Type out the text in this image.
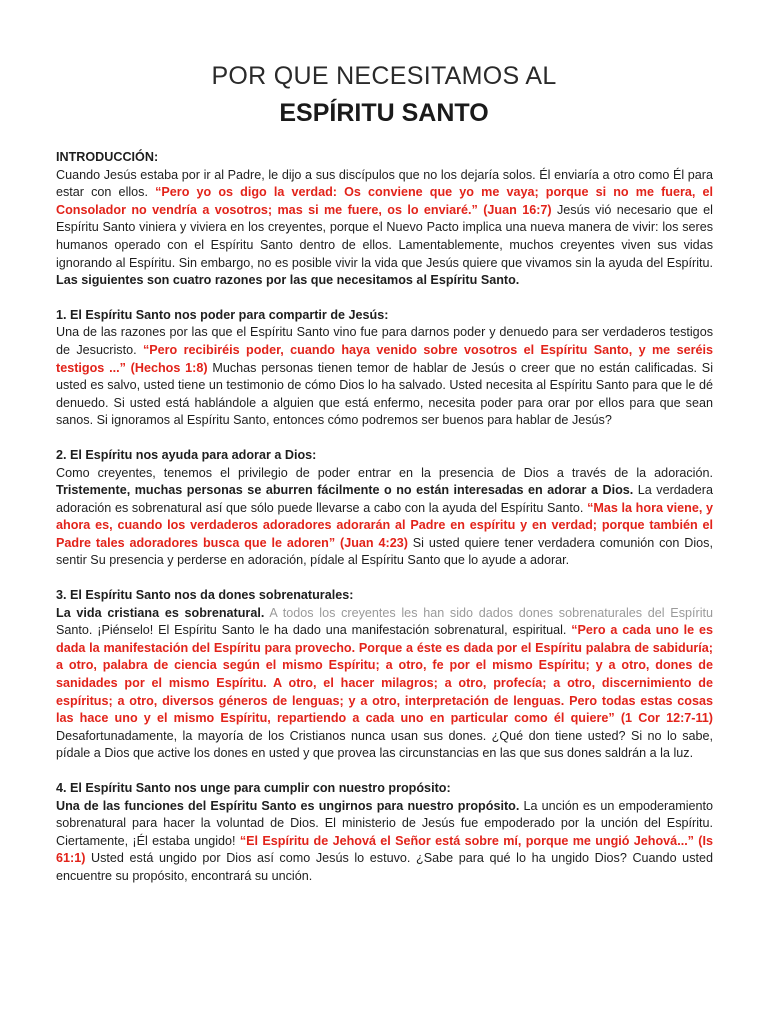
POR QUE NECESITAMOS AL
ESPÍRITU SANTO

INTRODUCCIÓN:
Cuando Jesús estaba por ir al Padre, le dijo a sus discípulos que no los dejaría solos. Él enviaría a otro como Él para estar con ellos. “Pero yo os digo la verdad: Os conviene que yo me vaya; porque si no me fuera, el Consolador no vendría a vosotros; mas si me fuere, os lo enviaré.” (Juan 16:7) Jesús vió necesario que el Espíritu Santo viniera y viviera en los creyentes, porque el Nuevo Pacto implica una nueva manera de vivir: los seres humanos operado con el Espíritu Santo dentro de ellos. Lamentablemente, muchos creyentes viven sus vidas ignorando al Espíritu. Sin embargo, no es posible vivir la vida que Jesús quiere que vivamos sin la ayuda del Espíritu. Las siguientes son cuatro razones por las que necesitamos al Espíritu Santo.

1. El Espíritu Santo nos poder para compartir de Jesús:
Una de las razones por las que el Espíritu Santo vino fue para darnos poder y denuedo para ser verdaderos testigos de Jesucristo. “Pero recibiréis poder, cuando haya venido sobre vosotros el Espíritu Santo, y me seréis testigos ...” (Hechos 1:8) Muchas personas tienen temor de hablar de Jesús o creer que no están calificadas. Si usted es salvo, usted tiene un testimonio de cómo Dios lo ha salvado. Usted necesita al Espíritu Santo para que le dé denuedo. Si usted está hablándole a alguien que está enfermo, necesita poder para orar por ellos para que sean sanos. Si ignoramos al Espíritu Santo, entonces cómo podremos ser buenos para hablar de Jesús?

2. El Espíritu nos ayuda para adorar a Dios:
Como creyentes, tenemos el privilegio de poder entrar en la presencia de Dios a través de la adoración. Tristemente, muchas personas se aburren fácilmente o no están interesadas en adorar a Dios. La verdadera adoración es sobrenatural así que sólo puede llevarse a cabo con la ayuda del Espíritu Santo. “Mas la hora viene, y ahora es, cuando los verdaderos adoradores adorarán al Padre en espíritu y en verdad; porque también el Padre tales adoradores busca que le adoren” (Juan 4:23) Si usted quiere tener verdadera comunión con Dios, sentir Su presencia y perderse en adoración, pídale al Espíritu Santo que lo ayude a adorar.

3. El Espíritu Santo nos da dones sobrenaturales:
La vida cristiana es sobrenatural. A todos los creyentes les han sido dados dones sobrenaturales del Espíritu Santo. ¡Piénselo! El Espíritu Santo le ha dado una manifestación sobrenatural, espiritual. “Pero a cada uno le es dada la manifestación del Espíritu para provecho. Porque a éste es dada por el Espíritu palabra de sabiduría; a otro, palabra de ciencia según el mismo Espíritu; a otro, fe por el mismo Espíritu; y a otro, dones de sanidades por el mismo Espíritu. A otro, el hacer milagros; a otro, profecía; a otro, discernimiento de espíritus; a otro, diversos géneros de lenguas; y a otro, interpretación de lenguas. Pero todas estas cosas las hace uno y el mismo Espíritu, repartiendo a cada uno en particular como él quiere” (1 Cor 12:7-11) Desafortunadamente, la mayoría de los Cristianos nunca usan sus dones. ¿Qué don tiene usted? Si no lo sabe, pídale a Dios que active los dones en usted y que provea las circunstancias en las que sus dones saldrán a la luz.

4. El Espíritu Santo nos unge para cumplir con nuestro propósito:
Una de las funciones del Espíritu Santo es ungirnos para nuestro propósito. La unción es un empoderamiento sobrenatural para hacer la voluntad de Dios. El ministerio de Jesús fue empoderado por la unción del Espíritu. Ciertamente, ¡Él estaba ungido! “El Espíritu de Jehová el Señor está sobre mí, porque me ungió Jehová...” (Is 61:1) Usted está ungido por Dios así como Jesús lo estuvo. ¿Sabe para qué lo ha ungido Dios? Cuando usted encuentre su propósito, encontrará su unción.
